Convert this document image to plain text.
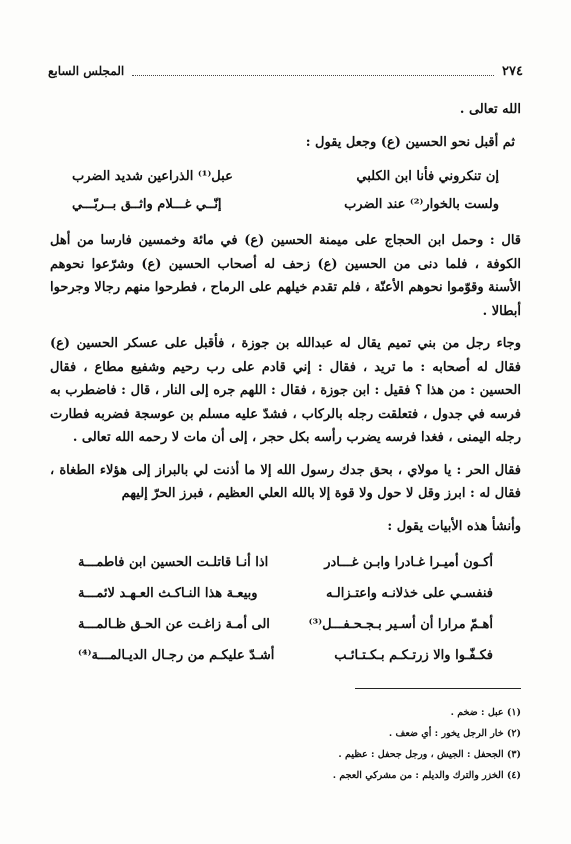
٢٧٤
المجلس السابع

الله تعالى .

ثم أقبل نحو الحسين (ع) وجعل يقول :

إن تنكروني فأنا ابن الكلبي
عبل⁽¹⁾ الذراعين شديد الضرب
ولست بالخوار⁽²⁾ عند الضرب
إنّــي غـــلام واثــق بــربّـــي

قال : وحمل ابن الحجاج على ميمنة الحسين (ع) في مائة وخمسين فارسا من أهل الكوفة ، فلما دنى من الحسين (ع) زحف له أصحاب الحسين (ع) وشرّعوا نحوهم الأسنة وقوّموا نحوهم الأعنّة ، فلم تقدم خيلهم على الرماح ، فطرحوا منهم رجالا وجرحوا أبطالا .

وجاء رجل من بني تميم يقال له عبدالله بن جوزة ، فأقبل على عسكر الحسين (ع) فقال له أصحابه : ما تريد ، فقال : إني قادم على رب رحيم وشفيع مطاع ، فقال الحسين : من هذا ؟ فقيل : ابن جوزة ، فقال : اللهم جره إلى النار ، قال : فاضطرب به فرسه في جدول ، فتعلقت رجله بالركاب ، فشدّ عليه مسلم بن عوسجة فضربه فطارت رجله اليمنى ، فغدا فرسه يضرب رأسه بكل حجر ، إلى أن مات لا رحمه الله تعالى .

فقال الحر : يا مولاي ، بحق جدك رسول الله إلا ما أذنت لي بالبراز إلى هؤلاء الطغاة ، فقال له : ابرز وقل لا حول ولا قوة إلا بالله العلي العظيم ، فبرز الحرّ إليهم

وأنشأ هذه الأبيات يقول :

أكـون أميـرا غـادرا وابـن غـــادر
اذا أنـا قاتلـت الحسين ابن فاطمـــة
فنفسـي على خذلانـه واعتـزالـه
وبيعـة هذا النـاكـث العـهـد لائمـــة
أهـمّ مرارا أن أسـير بـجـحـفـــل⁽³⁾
الى أمـة زاغـت عن الحـق ظـالمـــة
فكـفّـوا والا زرتـكـم بـكـتـائـب
أشـدّ عليكـم من رجـال الديـالمـــة⁽⁴⁾
(١) عبل : ضخم .
(٢) خار الرجل يخور : أي ضعف .
(٣) الجحفل : الجيش ، ورجل جحفل : عظيم .
(٤) الخزر والترك والديلم : من مشركي العجم .
